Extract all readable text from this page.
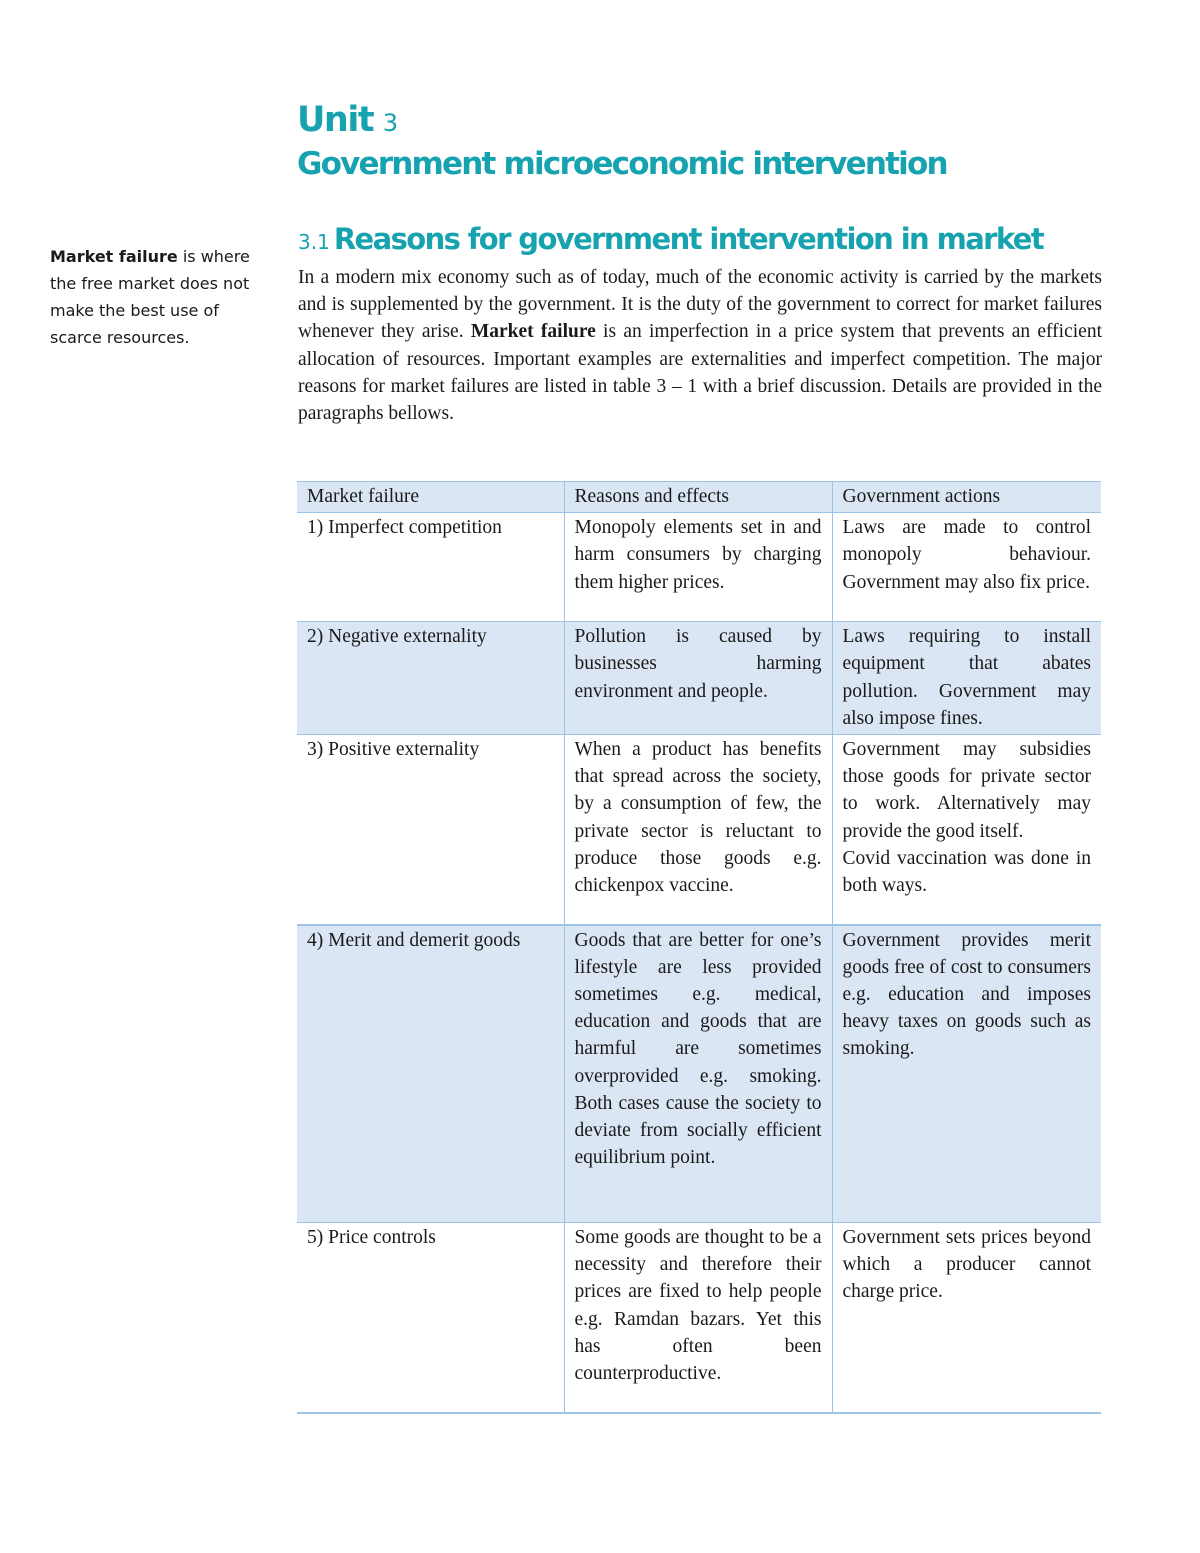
Unit 3
Government microeconomic intervention
3.1 Reasons for government intervention in market
Market failure is where the free market does not make the best use of scarce resources.

In a modern mix economy such as of today, much of the economic activity is carried by the markets and is supplemented by the government. It is the duty of the government to correct for market failures whenever they arise. Market failure is an imperfection in a price system that prevents an efficient allocation of resources. Important examples are externalities and imperfect competition. The major reasons for market failures are listed in table 3 – 1 with a brief discussion. Details are provided in the paragraphs bellows.

Market failure	Reasons and effects	Government actions
1) Imperfect competition	Monopoly elements set in and harm consumers by charging them higher prices.	Laws are made to control monopoly behaviour. Government may also fix price.
2) Negative externality	Pollution is caused by businesses harming environment and people.	Laws requiring to install equipment that abates pollution. Government may also impose fines.
3) Positive externality	When a product has benefits that spread across the society, by a consumption of few, the private sector is reluctant to produce those goods e.g. chickenpox vaccine.	Government may subsidies those goods for private sector to work. Alternatively may provide the good itself.
Covid vaccination was done in both ways.
4) Merit and demerit goods	Goods that are better for one’s lifestyle are less provided sometimes e.g. medical, education and goods that are harmful are sometimes overprovided e.g. smoking. Both cases cause the society to deviate from socially efficient equilibrium point.	Government provides merit goods free of cost to consumers e.g. education and imposes heavy taxes on goods such as smoking.
5) Price controls	Some goods are thought to be a necessity and therefore their prices are fixed to help people e.g. Ramdan bazars. Yet this has often been counterproductive.	Government sets prices beyond which a producer cannot charge price.
